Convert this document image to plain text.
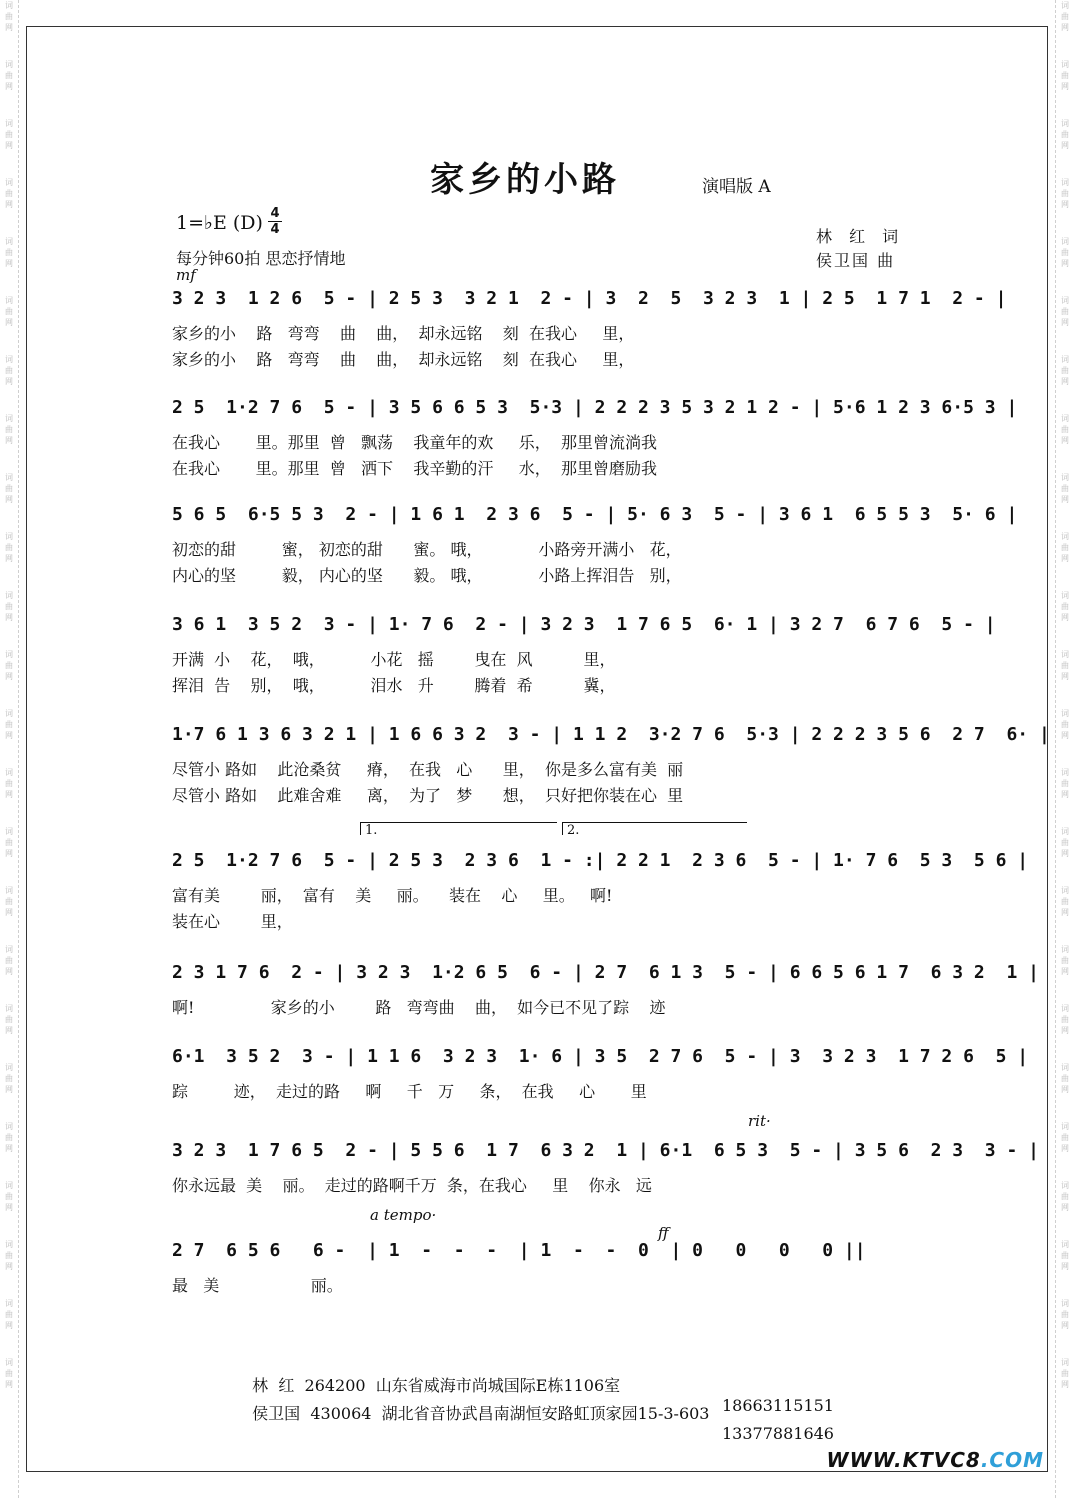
词
曲
网
词
曲
网
词
曲
网
词
曲
网
词
曲
网
词
曲
网
词
曲
网
词
曲
网
词
曲
网
词
曲
网
词
曲
网
词
曲
网
词
曲
网
词
曲
网
词
曲
网
词
曲
网
词
曲
网
词
曲
网
词
曲
网
词
曲
网
词
曲
网
词
曲
网
词
曲
网
词
曲
网
词
曲
网
词
曲
网
词
曲
网
词
曲
网
词
曲
网
词
曲
网
词
曲
网
词
曲
网
词
曲
网
词
曲
网
词
曲
网
词
曲
网
词
曲
网
词
曲
网
词
曲
网
词
曲
网
词
曲
网
词
曲
网
词
曲
网
词
曲
网
词
曲
网
词
曲
网
词
曲
网
词
曲
网
家乡的小路	演唱版 A
1=♭E (D) 4
4
每分钟60拍 思恋抒情地
林 红 词
侯卫国 曲
mf
3 2 3  1 2 6  5 - | 2 5 3  3 2 1  2 - | 3  2  5  3 2 3  1 | 2 5  1 7 1  2 - |
家乡的小    路   弯弯    曲    曲，  却永远铭    刻  在我心     里，
家乡的小    路   弯弯    曲    曲，  却永远铭    刻  在我心     里，
2 5  1·2 7 6  5 - | 3 5 6 6 5 3  5·3 | 2 2 2 3 5 3 2 1 2 - | 5·6 1 2 3 6·5 3 |
在我心       里。那里  曾   飘荡    我童年的欢     乐，  那里曾流淌我
在我心       里。那里  曾   洒下    我辛勤的汗     水，  那里曾磨励我
5 6 5  6·5 5 3  2 - | 1 6 1  2 3 6  5 - | 5· 6 3  5 - | 3 6 1  6 5 5 3  5· 6 |
初恋的甜         蜜， 初恋的甜      蜜。 哦，           小路旁开满小   花，
内心的坚         毅， 内心的坚      毅。 哦，           小路上挥泪告   别，
3 6 1  3 5 2  3 - | 1· 7 6  2 - | 3 2 3  1 7 6 5  6· 1 | 3 2 7  6 7 6  5 - |
开满  小    花，  哦，         小花   摇        曳在  风          里，
挥泪  告    别，  哦，         泪水   升        腾着  希          冀，
1·7 6 1 3 6 3 2 1 | 1 6 6 3 2  3 - | 1 1 2  3·2 7 6  5·3 | 2 2 2 3 5 6  2 7  6· |
尽管小 路如    此沧桑贫     瘠，  在我   心      里，  你是多么富有美  丽
尽管小 路如    此难舍难     离，  为了   梦      想，  只好把你装在心  里
1.	2.
2 5  1·2 7 6  5 - | 2 5 3  2 3 6  1 - :| 2 2 1  2 3 6  5 - | 1· 7 6  5 3  5 6 |
富有美        丽，  富有    美     丽。    装在    心     里。   啊!
装在心        里，
2 3 1 7 6  2 - | 3 2 3  1·2 6 5  6 - | 2 7  6 1 3  5 - | 6 6 5 6 1 7  6 3 2  1 |
啊!               家乡的小        路   弯弯曲    曲，  如今已不见了踪    迹
6·1  3 5 2  3 - | 1 1 6  3 2 3  1· 6 | 3 5  2 7 6  5 - | 3  3 2 3  1 7 2 6  5 |
踪         迹，  走过的路     啊     千   万     条，  在我     心       里
rit·
3 2 3  1 7 6 5  2 - | 5 5 6  1 7  6 3 2  1 | 6·1  6 5 3  5 - | 3 5 6  2 3  3 - |
你永远最  美    丽。  走过的路啊千万  条，在我心     里    你永   远
a tempo·
ff
2 7  6 5 6   6 -  | 1  -  -  -  | 1  -  -  0  | 0   0   0   0 ||
最   美                  丽。

林  红  264200  山东省威海市尚城国际E栋1106室

18663115151

侯卫国  430064  湖北省音协武昌南湖恒安路虹顶家园15-3-603

13377881646

WWW.KTVC8.COM
